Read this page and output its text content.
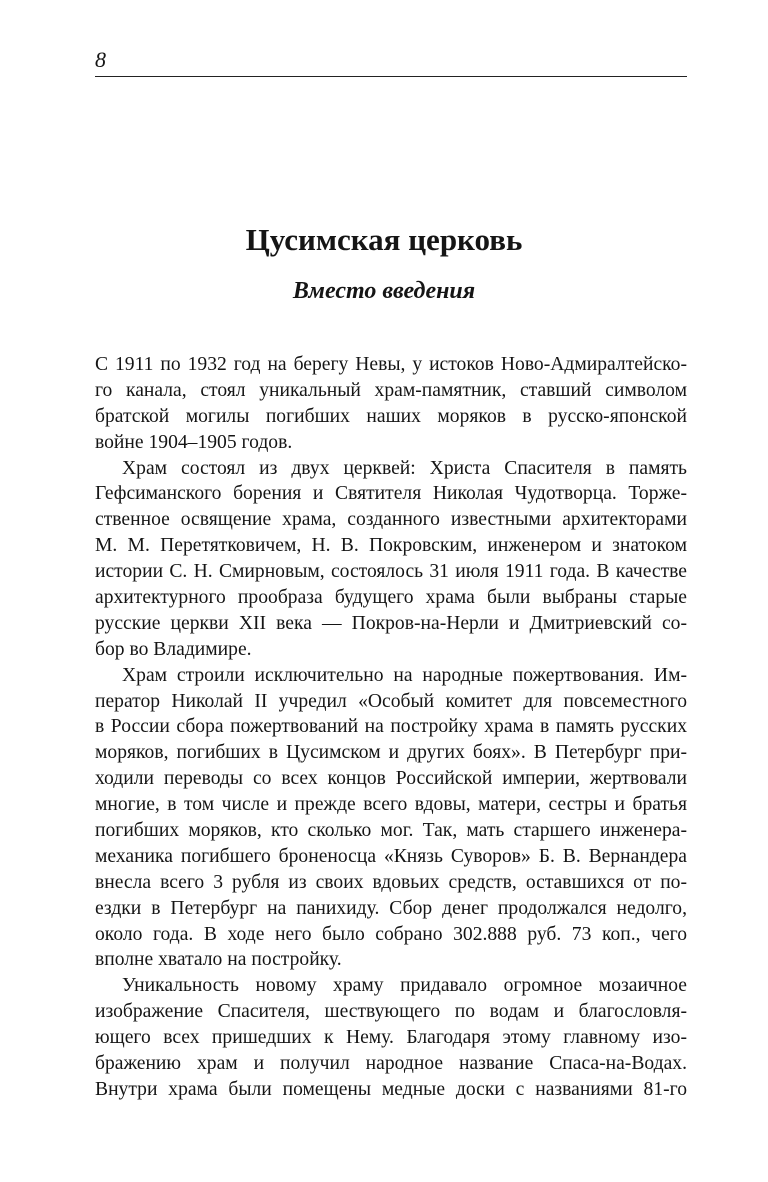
8
Цусимская церковь
Вместо введения
С 1911 по 1932 год на берегу Невы, у истоков Ново-Адмиралтейско-
го канала, стоял уникальный храм-памятник, ставший символом
братской могилы погибших наших моряков в русско-японской
войне 1904–1905 годов.
Храм состоял из двух церквей: Христа Спасителя в память
Гефсиманского борения и Святителя Николая Чудотворца. Торже-
ственное освящение храма, созданного известными архитекторами
М. М. Перетятковичем, Н. В. Покровским, инженером и знатоком
истории С. Н. Смирновым, состоялось 31 июля 1911 года. В качестве
архитектурного прообраза будущего храма были выбраны старые
русские церкви XII века — Покров-на-Нерли и Дмитриевский со-
бор во Владимире.
Храм строили исключительно на народные пожертвования. Им-
ператор Николай II учредил «Особый комитет для повсеместного
в России сбора пожертвований на постройку храма в память русских
моряков, погибших в Цусимском и других боях». В Петербург при-
ходили переводы со всех концов Российской империи, жертвовали
многие, в том числе и прежде всего вдовы, матери, сестры и братья
погибших моряков, кто сколько мог. Так, мать старшего инженера-
механика погибшего броненосца «Князь Суворов» Б. В. Вернандера
внесла всего 3 рубля из своих вдовьих средств, оставшихся от по-
ездки в Петербург на панихиду. Сбор денег продолжался недолго,
около года. В ходе него было собрано 302.888 руб. 73 коп., чего
вполне хватало на постройку.
Уникальность новому храму придавало огромное мозаичное
изображение Спасителя, шествующего по водам и благословля-
ющего всех пришедших к Нему. Благодаря этому главному изо-
бражению храм и получил народное название Спаса-на-Водах.
Внутри храма были помещены медные доски с названиями 81-го
